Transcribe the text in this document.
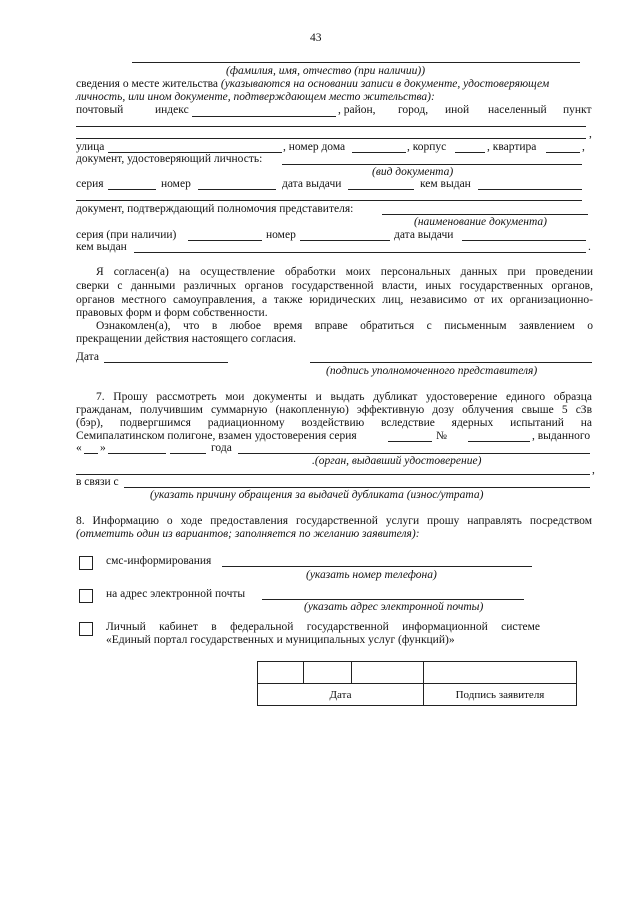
43
(фамилия, имя, отчество (при наличии))
сведения о месте жительства (указываются на основании записи в документе, удостоверяющем
личность, или ином документе, подтверждающем место жительства):
почтовый	индекс	, район, город, иной населенный пункт
,
улица	, номер дома	, корпус	, квартира	,
документ, удостоверяющий личность:
(вид документа)
серия	номер	дата выдачи	кем выдан
документ, подтверждающий полномочия представителя:
(наименование документа)
серия (при наличии)	номер	дата выдачи
кем выдан	.
Я согласен(а) на осуществление обработки моих персональных данных при проведении
сверки с данными различных органов государственной власти, иных государственных органов,
органов местного самоуправления, а также юридических лиц, независимо от их организационно-
правовых форм и форм собственности.
Ознакомлен(а), что в любое время вправе обратиться с письменным заявлением о
прекращении действия настоящего согласия.
Дата
(подпись уполномоченного представителя)
7. Прошу рассмотреть мои документы и выдать дубликат удостоверение единого образца
гражданам, получившим суммарную (накопленную) эффективную дозу облучения свыше 5 сЗв
(бэр), подвергшимся радиационному воздействию вследствие ядерных испытаний на
Семипалатинском полигоне, взамен удостоверения серия	№	, выданного
« »	года
.(орган, выдавший удостоверение)
,
в связи с
(указать причину обращения за выдачей дубликата (износ/утрата)
8. Информацию о ходе предоставления государственной услуги прошу направлять посредством
(отметить один из вариантов; заполняется по желанию заявителя):
смс-информирования
(указать номер телефона)
на адрес электронной почты
(указать адрес электронной почты)
Личный кабинет в федеральной государственной информационной системе
«Единый портал государственных и муниципальных услуг (функций)»

Дата			Подпись заявителя
